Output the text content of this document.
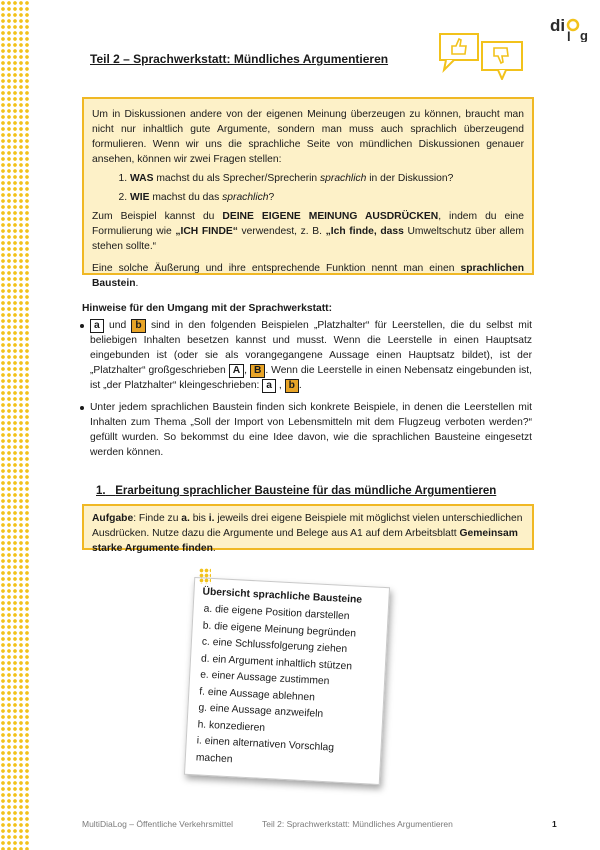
di
g
l
Teil 2 – Sprachwerkstatt: Mündliches Argumentieren

Um in Diskussionen andere von der eigenen Meinung überzeugen zu können, braucht man nicht nur inhaltlich gute Argumente, sondern man muss auch sprachlich überzeugend formulieren. Wenn wir uns die sprachliche Seite von mündlichen Diskussionen genauer ansehen, können wir zwei Fragen stellen:

1. WAS machst du als Sprecher/Sprecherin sprachlich in der Diskussion?
2. WIE machst du das sprachlich?

Zum Beispiel kannst du DEINE EIGENE MEINUNG AUSDRÜCKEN, indem du eine Formulierung wie „ICH FINDE“ verwendest, z. B. „Ich finde, dass Umweltschutz über allem stehen sollte.“

Eine solche Äußerung und ihre entsprechende Funktion nennt man einen sprachlichen Baustein.

Hinweise für den Umgang mit der Sprachwerkstatt:
a und b sind in den folgenden Beispielen „Platzhalter“ für Leerstellen, die du selbst mit beliebigen Inhalten besetzen kannst und musst. Wenn die Leerstelle in einen Hauptsatz eingebunden ist (oder sie als vorangegangene Aussage einen Hauptsatz bildet), ist der „Platzhalter“ großgeschrieben A , B . Wenn die Leerstelle in einen Nebensatz eingebunden ist, ist „der Platzhalter“ kleingeschrieben: a , b .
Unter jedem sprachlichen Baustein finden sich konkrete Beispiele, in denen die Leerstellen mit Inhalten zum Thema „Soll der Import von Lebensmitteln mit dem Flugzeug verboten werden?“ gefüllt wurden. So bekommst du eine Idee davon, wie die sprachlichen Bausteine eingesetzt werden können.
1. Erarbeitung sprachlicher Bausteine für das mündliche Argumentieren

Aufgabe: Finde zu a. bis i. jeweils drei eigene Beispiele mit möglichst vielen unterschiedlichen Ausdrücken. Nutze dazu die Argumente und Belege aus A1 auf dem Arbeitsblatt Gemeinsam starke Argumente finden.

Übersicht sprachliche Bausteine
a. die eigene Position darstellen
b. die eigene Meinung begründen
c. eine Schlussfolgerung ziehen
d. ein Argument inhaltlich stützen
e. einer Aussage zustimmen
f. eine Aussage ablehnen
g. eine Aussage anzweifeln
h. konzedieren
i. einen alternativen Vorschlag machen
MultiDiaLog – Öffentliche Verkehrsmittel	Teil 2: Sprachwerkstatt: Mündliches Argumentieren	1
